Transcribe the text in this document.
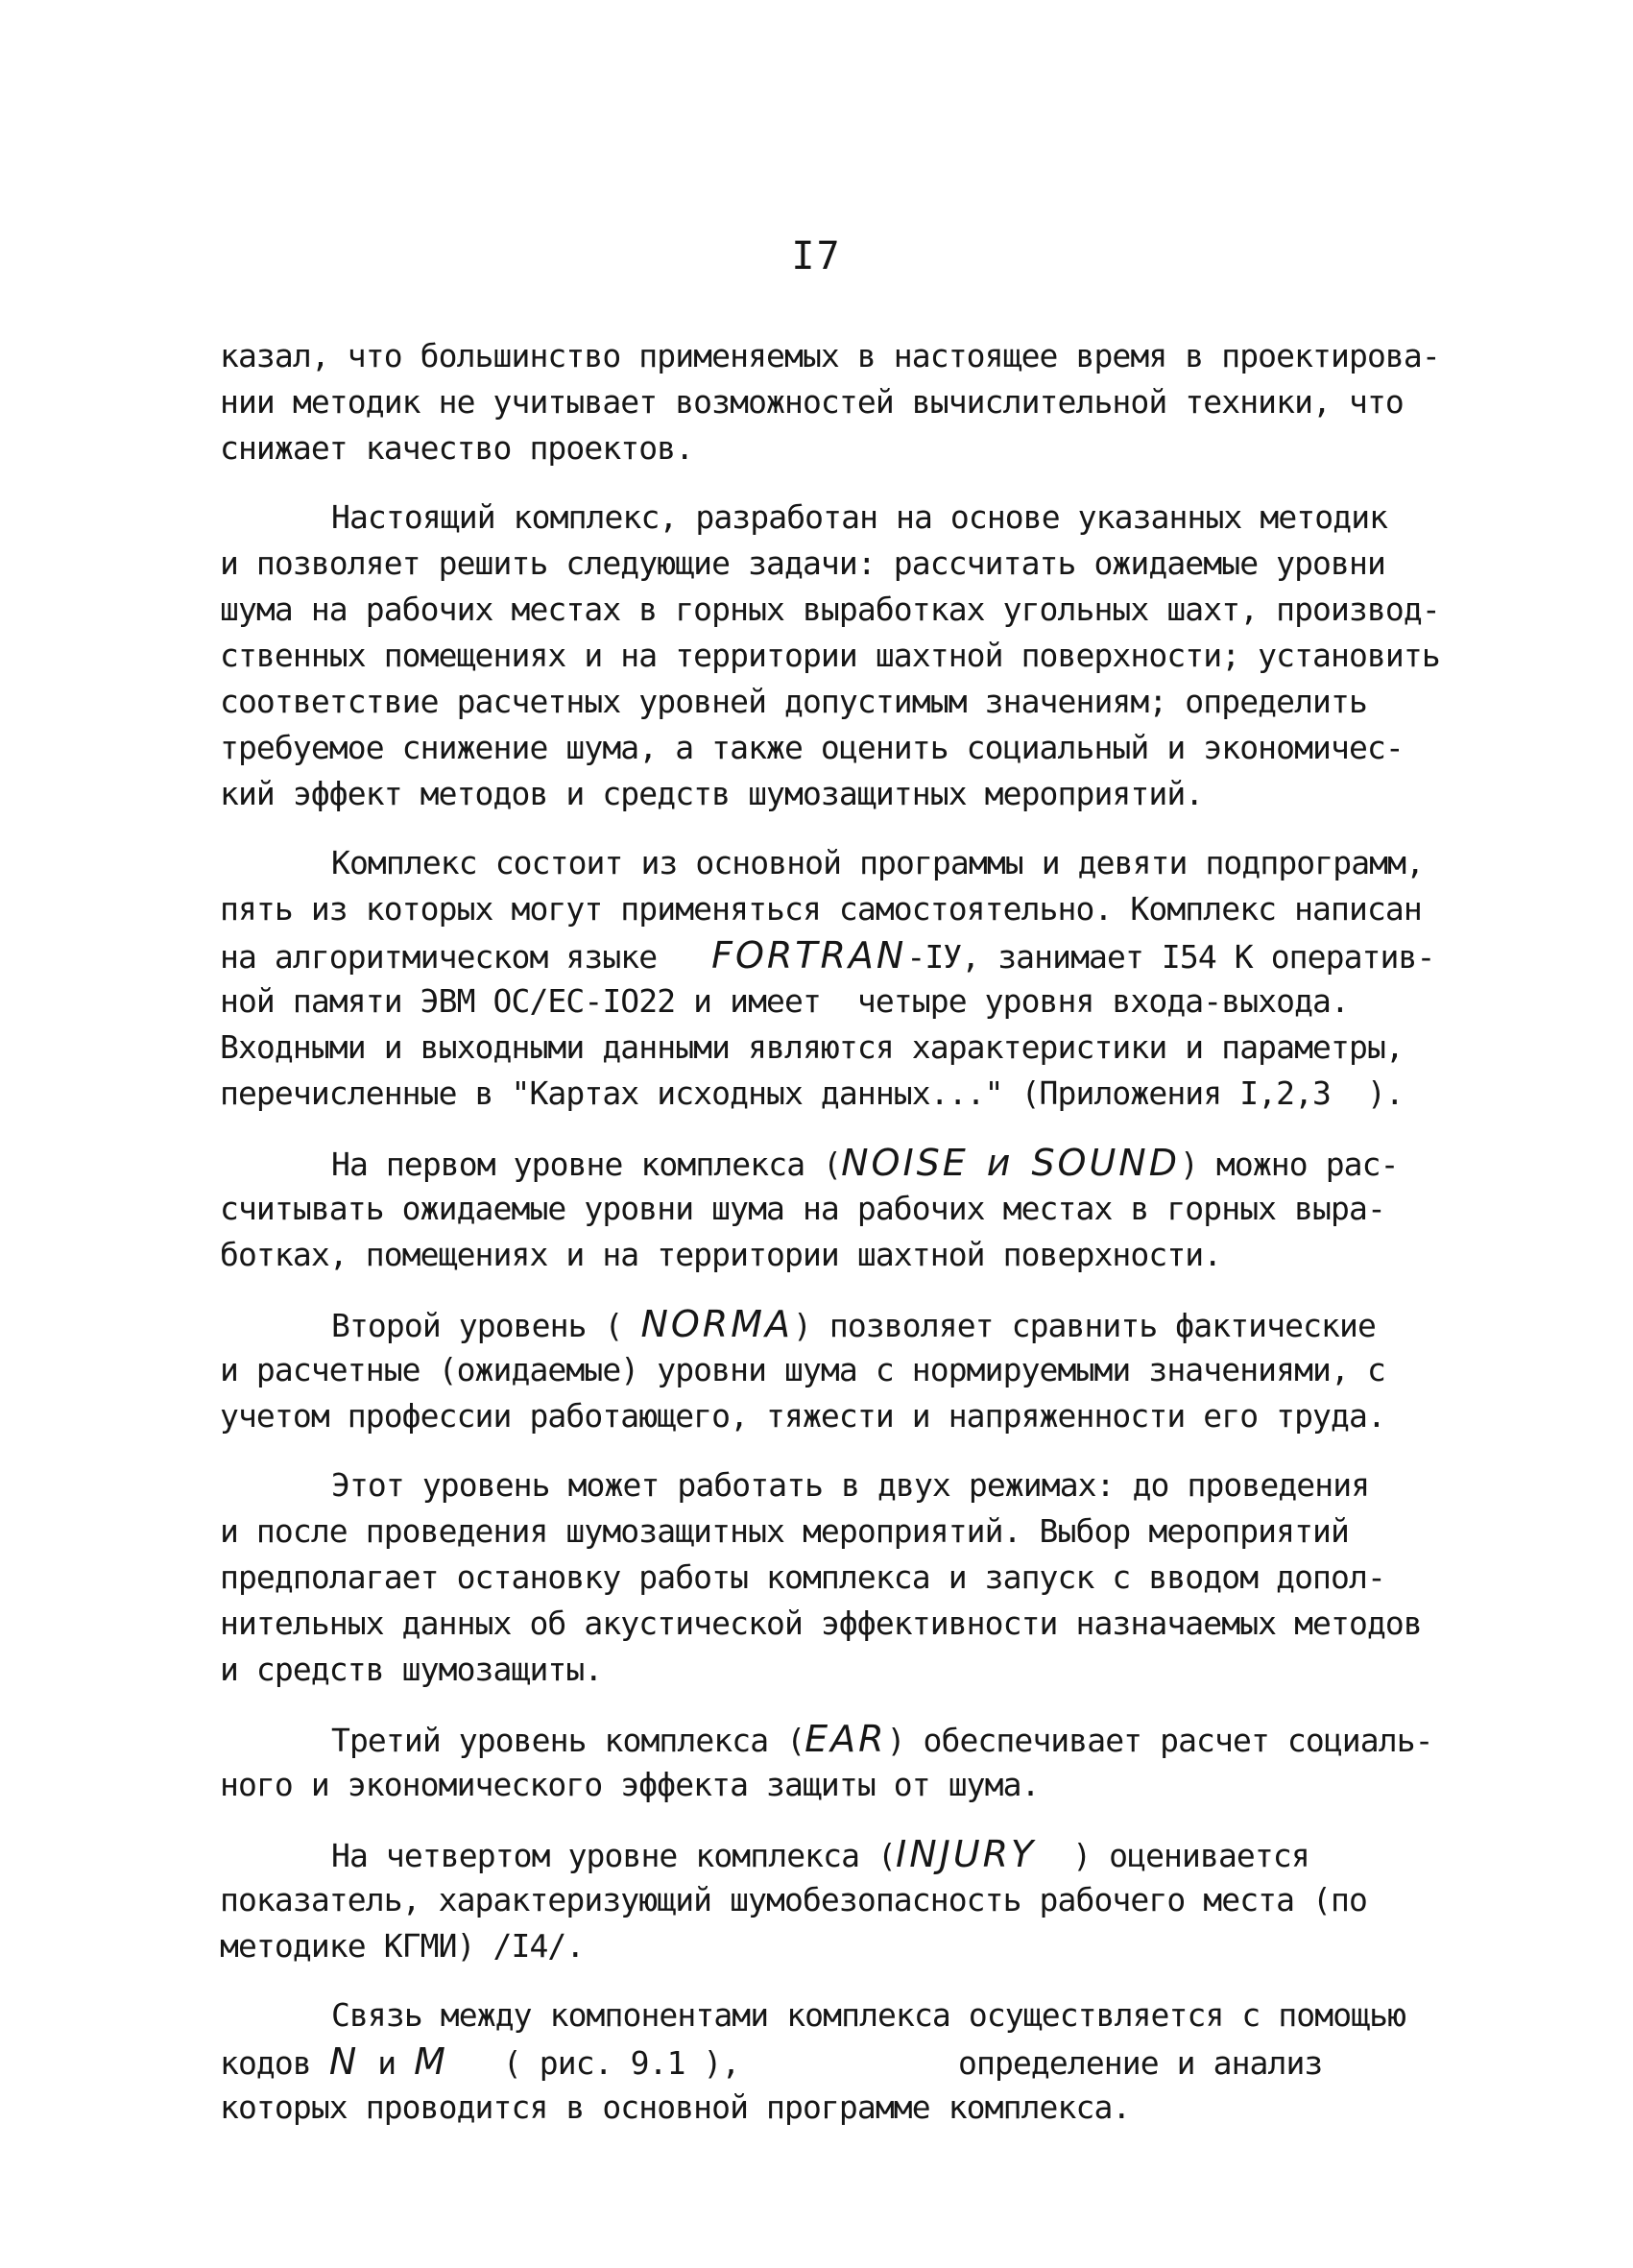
I7
казал, что большинство применяемых в настоящее время в проектирова-
нии методик не учитывает возможностей вычислительной техники, что
снижает качество проектов.
Настоящий комплекс, разработан на основе указанных методик
и позволяет решить следующие задачи: рассчитать ожидаемые уровни
шума на рабочих местах в горных выработках угольных шахт, производ-
ственных помещениях и на территории шахтной поверхности; установить
соответствие расчетных уровней допустимым значениям; определить
требуемое снижение шума, а также оценить социальный и экономичес-
кий эффект методов и средств шумозащитных мероприятий.
Комплекс состоит из основной программы и девяти подпрограмм,
пять из которых могут применяться самостоятельно. Комплекс написан
на алгоритмическом языке   FORTRAN-IУ, занимает I54 К оператив-
ной памяти ЭВМ ОС/ЕС-IО22 и имеет  четыре уровня входа-выхода.
Входными и выходными данными являются характеристики и параметры,
перечисленные в "Картах исходных данных..." (Приложения I,2,3  ).
На первом уровне комплекса (NOISE и SOUND) можно рас-
считывать ожидаемые уровни шума на рабочих местах в горных выра-
ботках, помещениях и на территории шахтной поверхности.
Второй уровень ( NORMA) позволяет сравнить фактические
и расчетные (ожидаемые) уровни шума с нормируемыми значениями, с
учетом профессии работающего, тяжести и напряженности его труда.
Этот уровень может работать в двух режимах: до проведения
и после проведения шумозащитных мероприятий. Выбор мероприятий
предполагает остановку работы комплекса и запуск с вводом допол-
нительных данных об акустической эффективности назначаемых методов
и средств шумозащиты.
Третий уровень комплекса (EAR) обеспечивает расчет социаль-
ного и экономического эффекта защиты от шума.
На четвертом уровне комплекса (INJURY  ) оценивается
показатель, характеризующий шумобезопасность рабочего места (по
методике КГМИ) /I4/.
Связь между компонентами комплекса осуществляется с помощью
кодов N и M   ( рис. 9.1 ),            определение и анализ
которых проводится в основной программе комплекса.
